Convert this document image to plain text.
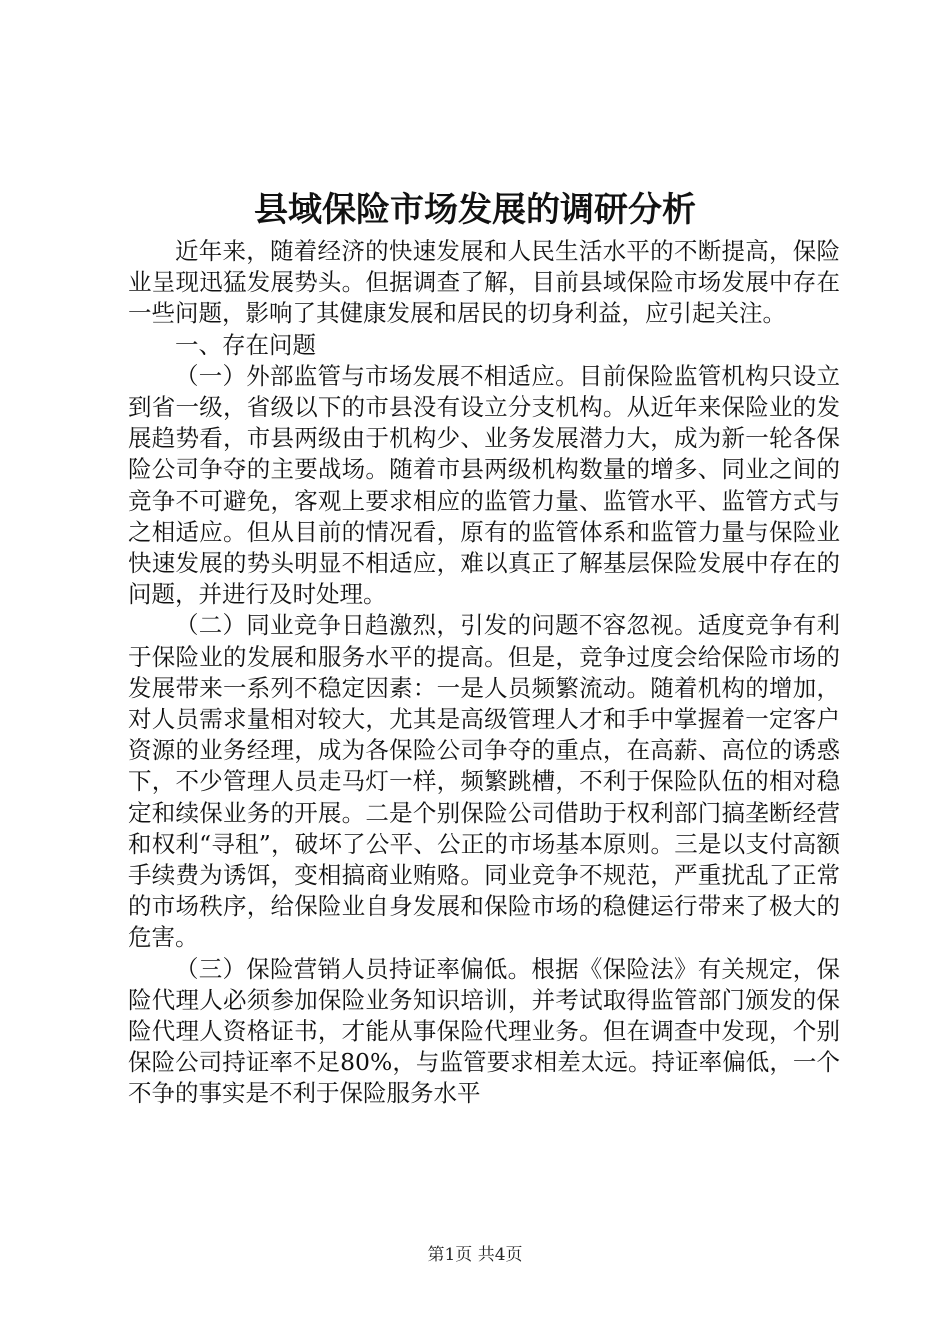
县域保险市场发展的调研分析

近年来，随着经济的快速发展和人民生活水平的不断提高，保险业呈现迅猛发展势头。但据调查了解，目前县域保险市场发展中存在一些问题，影响了其健康发展和居民的切身利益，应引起关注。

一、存在问题

（一）外部监管与市场发展不相适应。目前保险监管机构只设立到省一级，省级以下的市县没有设立分支机构。从近年来保险业的发展趋势看，市县两级由于机构少、业务发展潜力大，成为新一轮各保险公司争夺的主要战场。随着市县两级机构数量的增多、同业之间的竞争不可避免，客观上要求相应的监管力量、监管水平、监管方式与之相适应。但从目前的情况看，原有的监管体系和监管力量与保险业快速发展的势头明显不相适应，难以真正了解基层保险发展中存在的问题，并进行及时处理。

（二）同业竞争日趋激烈，引发的问题不容忽视。适度竞争有利于保险业的发展和服务水平的提高。但是，竞争过度会给保险市场的发展带来一系列不稳定因素：一是人员频繁流动。随着机构的增加，对人员需求量相对较大，尤其是高级管理人才和手中掌握着一定客户资源的业务经理，成为各保险公司争夺的重点，在高薪、高位的诱惑下，不少管理人员走马灯一样，频繁跳槽，不利于保险队伍的相对稳定和续保业务的开展。二是个别保险公司借助于权利部门搞垄断经营和权利“寻租”，破坏了公平、公正的市场基本原则。三是以支付高额手续费为诱饵，变相搞商业贿赂。同业竞争不规范，严重扰乱了正常的市场秩序，给保险业自身发展和保险市场的稳健运行带来了极大的危害。

（三）保险营销人员持证率偏低。根据《保险法》有关规定，保险代理人必须参加保险业务知识培训，并考试取得监管部门颁发的保险代理人资格证书，才能从事保险代理业务。但在调查中发现，个别保险公司持证率不足80%，与监管要求相差太远。持证率偏低，一个不争的事实是不利于保险服务水平

第1页 共4页
